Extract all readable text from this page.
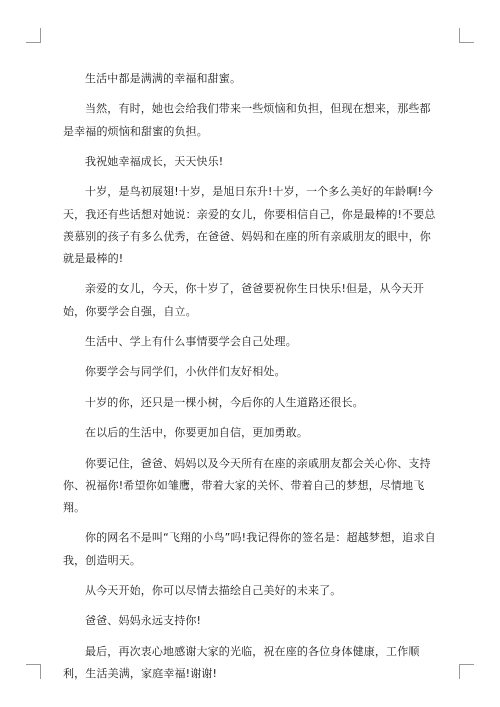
生活中都是满满的幸福和甜蜜。

当然，有时，她也会给我们带来一些烦恼和负担，但现在想来，那些都是幸福的烦恼和甜蜜的负担。

我祝她幸福成长，天天快乐!

十岁，是鸟初展翅!十岁，是旭日东升!十岁，一个多么美好的年龄啊!今天，我还有些话想对她说：亲爱的女儿，你要相信自己，你是最棒的!不要总羡慕别的孩子有多么优秀，在爸爸、妈妈和在座的所有亲戚朋友的眼中，你就是最棒的!

亲爱的女儿，今天，你十岁了，爸爸要祝你生日快乐!但是，从今天开始，你要学会自强，自立。

生活中、学上有什么事情要学会自己处理。

你要学会与同学们，小伙伴们友好相处。

十岁的你，还只是一棵小树，今后你的人生道路还很长。

在以后的生活中，你要更加自信，更加勇敢。

你要记住，爸爸、妈妈以及今天所有在座的亲戚朋友都会关心你、支持你、祝福你!希望你如雏鹰，带着大家的关怀、带着自己的梦想，尽情地飞翔。

你的网名不是叫“飞翔的小鸟”吗!我记得你的签名是：超越梦想，追求自我，创造明天。

从今天开始，你可以尽情去描绘自己美好的未来了。

爸爸、妈妈永远支持你!

最后，再次衷心地感谢大家的光临，祝在座的各位身体健康，工作顺利，生活美满，家庭幸福!谢谢!
